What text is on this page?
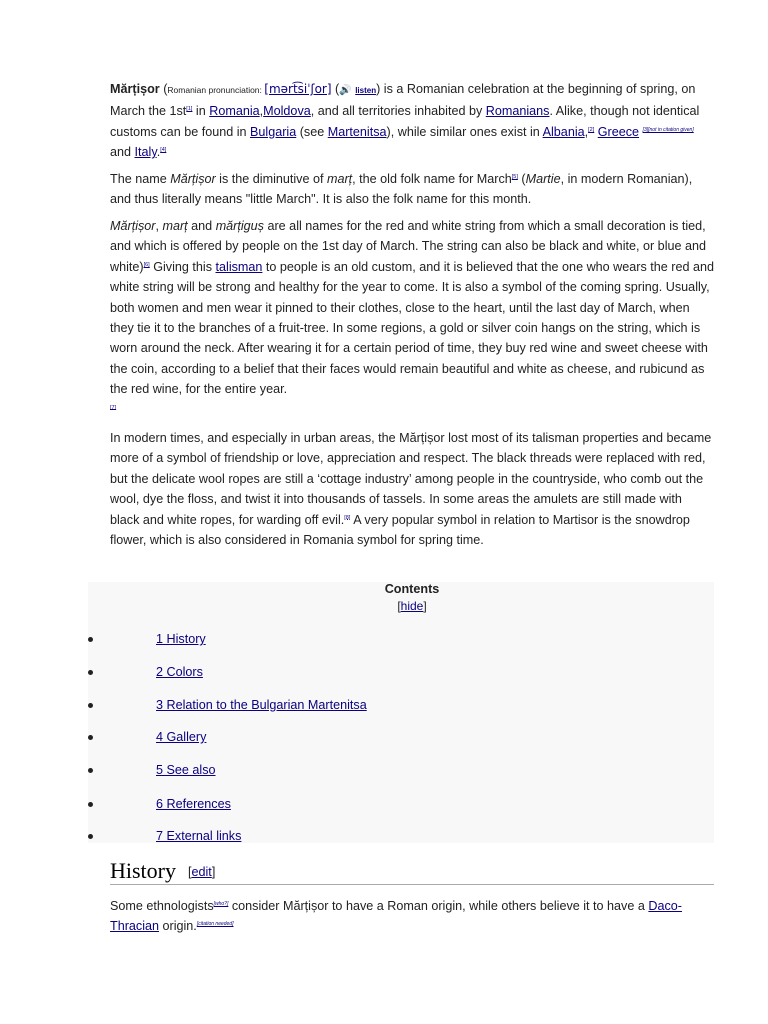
Mărțișor (Romanian pronunciation: [mərt͡siˈʃor] (🔊 listen) is a Romanian celebration at the beginning of spring, on March the 1st[1] in Romania,Moldova, and all territories inhabited by Romanians. Alike, though not identical customs can be found in Bulgaria (see Martenitsa), while similar ones exist in Albania,[2] Greece [3][not in citation given] and Italy.[4]

The name Mărțișor is the diminutive of marț, the old folk name for March[5] (Martie, in modern Romanian), and thus literally means "little March". It is also the folk name for this month.

Mărțișor, marț and mărțiguș are all names for the red and white string from which a small decoration is tied, and which is offered by people on the 1st day of March. The string can also be black and white, or blue and white)[6] Giving this talisman to people is an old custom, and it is believed that the one who wears the red and white string will be strong and healthy for the year to come. It is also a symbol of the coming spring. Usually, both women and men wear it pinned to their clothes, close to the heart, until the last day of March, when they tie it to the branches of a fruit-tree. In some regions, a gold or silver coin hangs on the string, which is worn around the neck. After wearing it for a certain period of time, they buy red wine and sweet cheese with the coin, according to a belief that their faces would remain beautiful and white as cheese, and rubicund as the red wine, for the entire year.
[7]

In modern times, and especially in urban areas, the Mărțișor lost most of its talisman properties and became more of a symbol of friendship or love, appreciation and respect. The black threads were replaced with red, but the delicate wool ropes are still a ‘cottage industry’ among people in the countryside, who comb out the wool, dye the floss, and twist it into thousands of tassels. In some areas the amulets are still made with black and white ropes, for warding off evil.[8] A very popular symbol in relation to Martisor is the snowdrop flower, which is also considered in Romania symbol for spring time.

Contents
[hide]
1 History
2 Colors
3 Relation to the Bulgarian Martenitsa
4 Gallery
5 See also
6 References
7 External links
History [edit]

Some ethnologists[who?] consider Mărțișor to have a Roman origin, while others believe it to have a Daco-Thracian origin.[citation needed]
